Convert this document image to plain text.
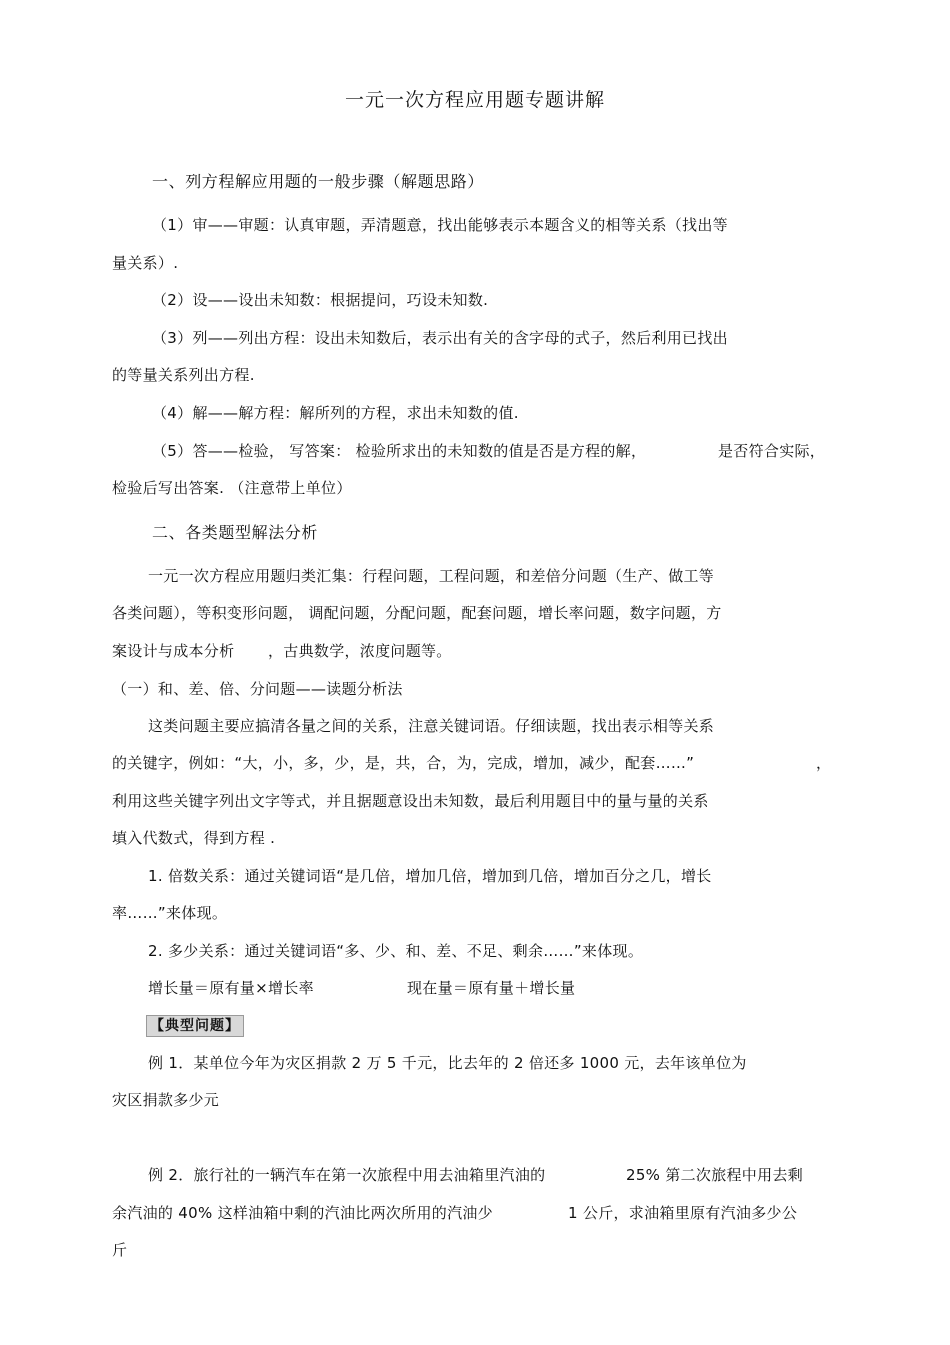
一元一次方程应用题专题讲解
一、列方程解应用题的一般步骤（解题思路）
（1）审——审题：认真审题，弄清题意，找出能够表示本题含义的相等关系（找出等
量关系）.
（2）设——设出未知数：根据提问，巧设未知数.
（3）列——列出方程：设出未知数后，表示出有关的含字母的式子，然后利用已找出
的等量关系列出方程.
（4）解——解方程：解所列的方程，求出未知数的值.
（5）答——检验， 写答案： 检验所求出的未知数的值是否是方程的解，	是否符合实际，
检验后写出答案. （注意带上单位）
二、各类题型解法分析
一元一次方程应用题归类汇集：行程问题，工程问题，和差倍分问题（生产、做工等
各类问题），等积变形问题， 调配问题，分配问题，配套问题，增长率问题，数字问题，方
案设计与成本分析 ，古典数学，浓度问题等。
（一）和、差、倍、分问题——读题分析法
这类问题主要应搞清各量之间的关系，注意关键词语。仔细读题，找出表示相等关系
的关键字，例如：“大，小，多，少，是，共，合，为，完成，增加，减少，配套……”	，
利用这些关键字列出文字等式，并且据题意设出未知数，最后利用题目中的量与量的关系
填入代数式，得到方程 .
1. 倍数关系：通过关键词语“是几倍，增加几倍，增加到几倍，增加百分之几，增长
率……”来体现。
2. 多少关系：通过关键词语“多、少、和、差、不足、剩余……”来体现。
增长量＝原有量×增长率	现在量＝原有量＋增长量
【典型问题】
例 1．某单位今年为灾区捐款 2 万 5 千元，比去年的 2 倍还多 1000 元，去年该单位为
灾区捐款多少元
例 2．旅行社的一辆汽车在第一次旅程中用去油箱里汽油的	25% 第二次旅程中用去剩
余汽油的 40% 这样油箱中剩的汽油比两次所用的汽油少	1 公斤，求油箱里原有汽油多少公
斤
